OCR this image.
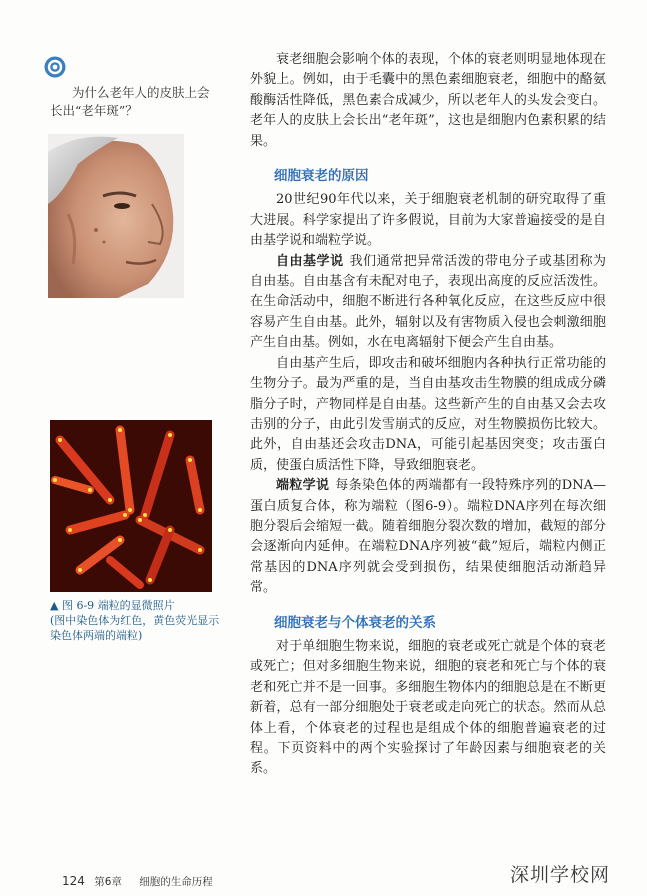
为什么老年人的皮肤上会
长出“老年斑”？
▲ 图 6-9 端粒的显微照片
(图中染色体为红色，黄色荧光显示染色体两端的端粒)

衰老细胞会影响个体的表现，个体的衰老则明显地体现在外貌上。例如，由于毛囊中的黑色素细胞衰老，细胞中的酪氨酸酶活性降低，黑色素合成减少，所以老年人的头发会变白。老年人的皮肤上会长出“老年斑”，这也是细胞内色素积累的结果。

细胞衰老的原因

20世纪90年代以来，关于细胞衰老机制的研究取得了重大进展。科学家提出了许多假说，目前为大家普遍接受的是自由基学说和端粒学说。

自由基学说 我们通常把异常活泼的带电分子或基团称为自由基。自由基含有未配对电子，表现出高度的反应活泼性。在生命活动中，细胞不断进行各种氧化反应，在这些反应中很容易产生自由基。此外，辐射以及有害物质入侵也会刺激细胞产生自由基。例如，水在电离辐射下便会产生自由基。

自由基产生后，即攻击和破坏细胞内各种执行正常功能的生物分子。最为严重的是，当自由基攻击生物膜的组成成分磷脂分子时，产物同样是自由基。这些新产生的自由基又会去攻击别的分子，由此引发雪崩式的反应，对生物膜损伤比较大。此外，自由基还会攻击DNA，可能引起基因突变；攻击蛋白质，使蛋白质活性下降，导致细胞衰老。

端粒学说 每条染色体的两端都有一段特殊序列的DNA—蛋白质复合体，称为端粒（图6-9）。端粒DNA序列在每次细胞分裂后会缩短一截。随着细胞分裂次数的增加，截短的部分会逐渐向内延伸。在端粒DNA序列被“截”短后，端粒内侧正常基因的DNA序列就会受到损伤，结果使细胞活动渐趋异常。

细胞衰老与个体衰老的关系

对于单细胞生物来说，细胞的衰老或死亡就是个体的衰老或死亡；但对多细胞生物来说，细胞的衰老和死亡与个体的衰老和死亡并不是一回事。多细胞生物体内的细胞总是在不断更新着，总有一部分细胞处于衰老或走向死亡的状态。然而从总体上看，个体衰老的过程也是组成个体的细胞普遍衰老的过程。下页资料中的两个实验探讨了年龄因素与细胞衰老的关系。

124 第6章 细胞的生命历程	深圳学校网
